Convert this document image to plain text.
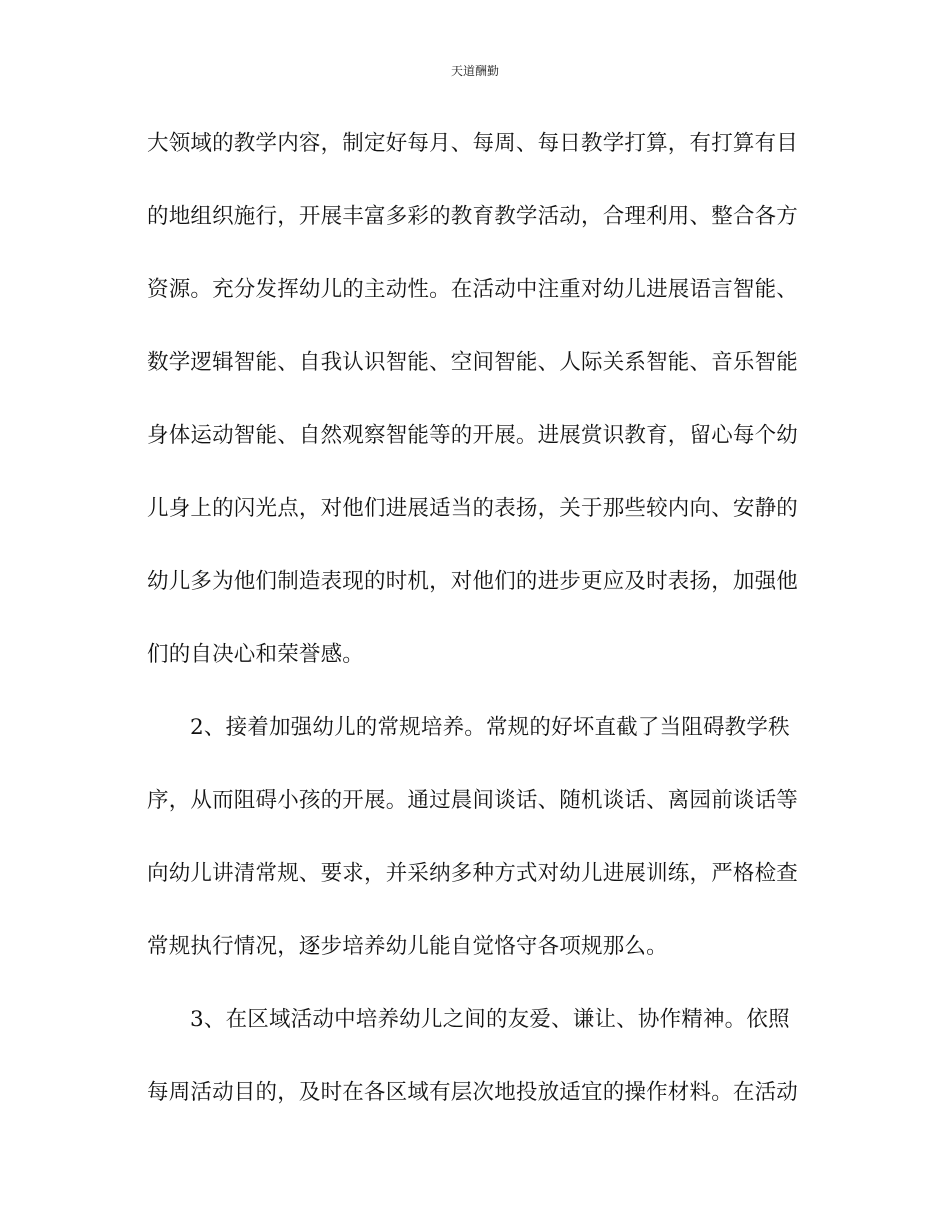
天道酬勤
大领域的教学内容，制定好每月、每周、每日教学打算，有打算有目
的地组织施行，开展丰富多彩的教育教学活动，合理利用、整合各方
资源。充分发挥幼儿的主动性。在活动中注重对幼儿进展语言智能、
数学逻辑智能、自我认识智能、空间智能、人际关系智能、音乐智能
身体运动智能、自然观察智能等的开展。进展赏识教育，留心每个幼
儿身上的闪光点，对他们进展适当的表扬，关于那些较内向、安静的
幼儿多为他们制造表现的时机，对他们的进步更应及时表扬，加强他
们的自决心和荣誉感。
2、接着加强幼儿的常规培养。常规的好坏直截了当阻碍教学秩
序，从而阻碍小孩的开展。通过晨间谈话、随机谈话、离园前谈话等
向幼儿讲清常规、要求，并采纳多种方式对幼儿进展训练，严格检查
常规执行情况，逐步培养幼儿能自觉恪守各项规那么。
3、在区域活动中培养幼儿之间的友爱、谦让、协作精神。依照
每周活动目的，及时在各区域有层次地投放适宜的操作材料。在活动
